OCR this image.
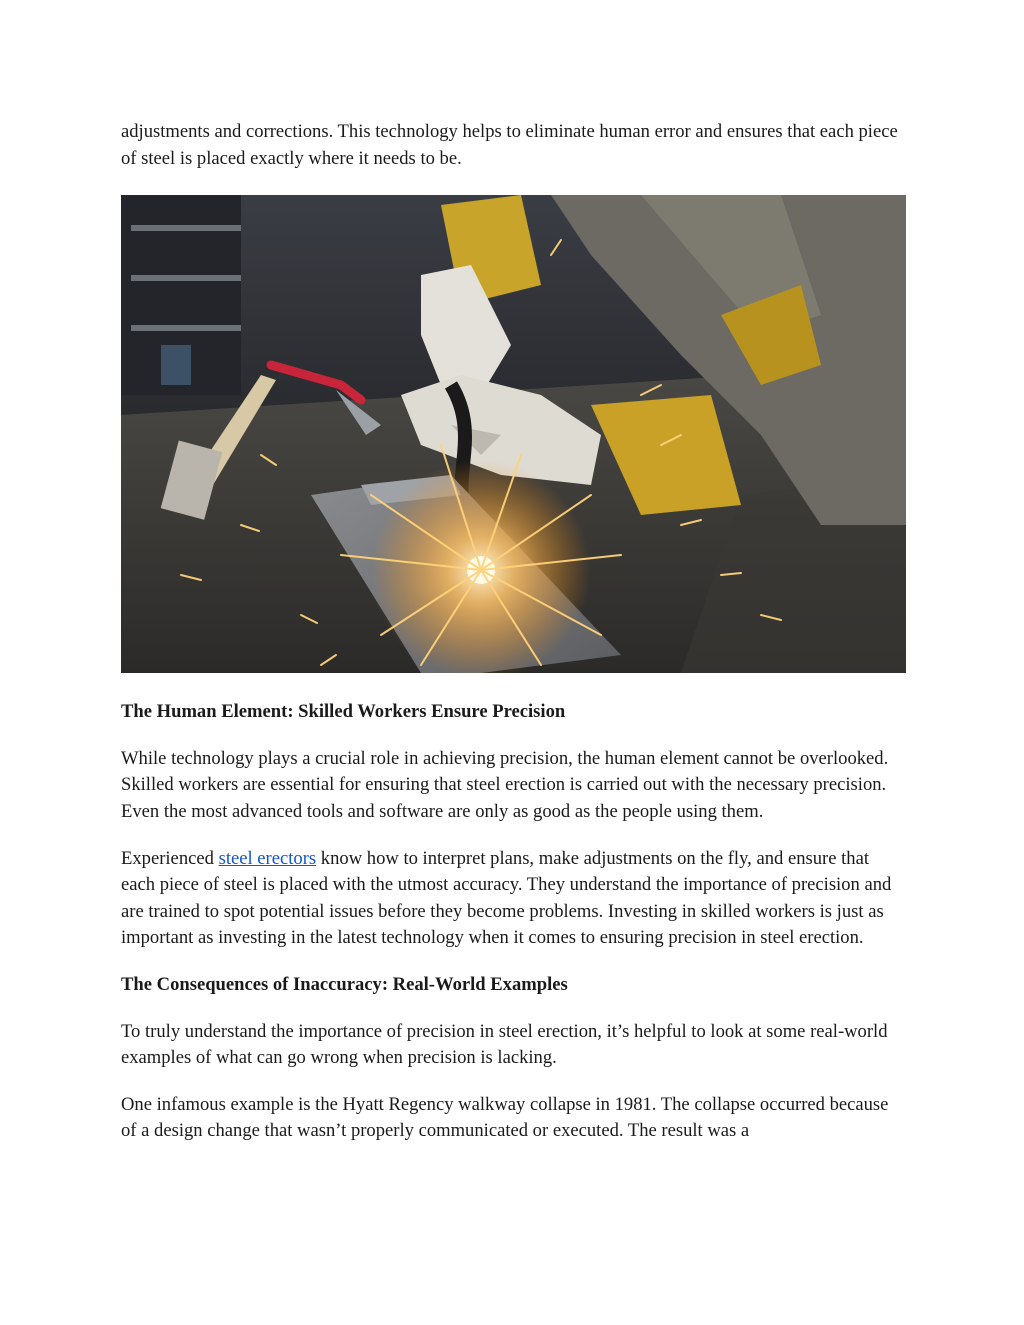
adjustments and corrections. This technology helps to eliminate human error and ensures that each piece of steel is placed exactly where it needs to be.

The Human Element: Skilled Workers Ensure Precision

While technology plays a crucial role in achieving precision, the human element cannot be overlooked. Skilled workers are essential for ensuring that steel erection is carried out with the necessary precision. Even the most advanced tools and software are only as good as the people using them.

Experienced steel erectors know how to interpret plans, make adjustments on the fly, and ensure that each piece of steel is placed with the utmost accuracy. They understand the importance of precision and are trained to spot potential issues before they become problems. Investing in skilled workers is just as important as investing in the latest technology when it comes to ensuring precision in steel erection.

The Consequences of Inaccuracy: Real-World Examples

To truly understand the importance of precision in steel erection, it’s helpful to look at some real-world examples of what can go wrong when precision is lacking.

One infamous example is the Hyatt Regency walkway collapse in 1981. The collapse occurred because of a design change that wasn’t properly communicated or executed. The result was a
